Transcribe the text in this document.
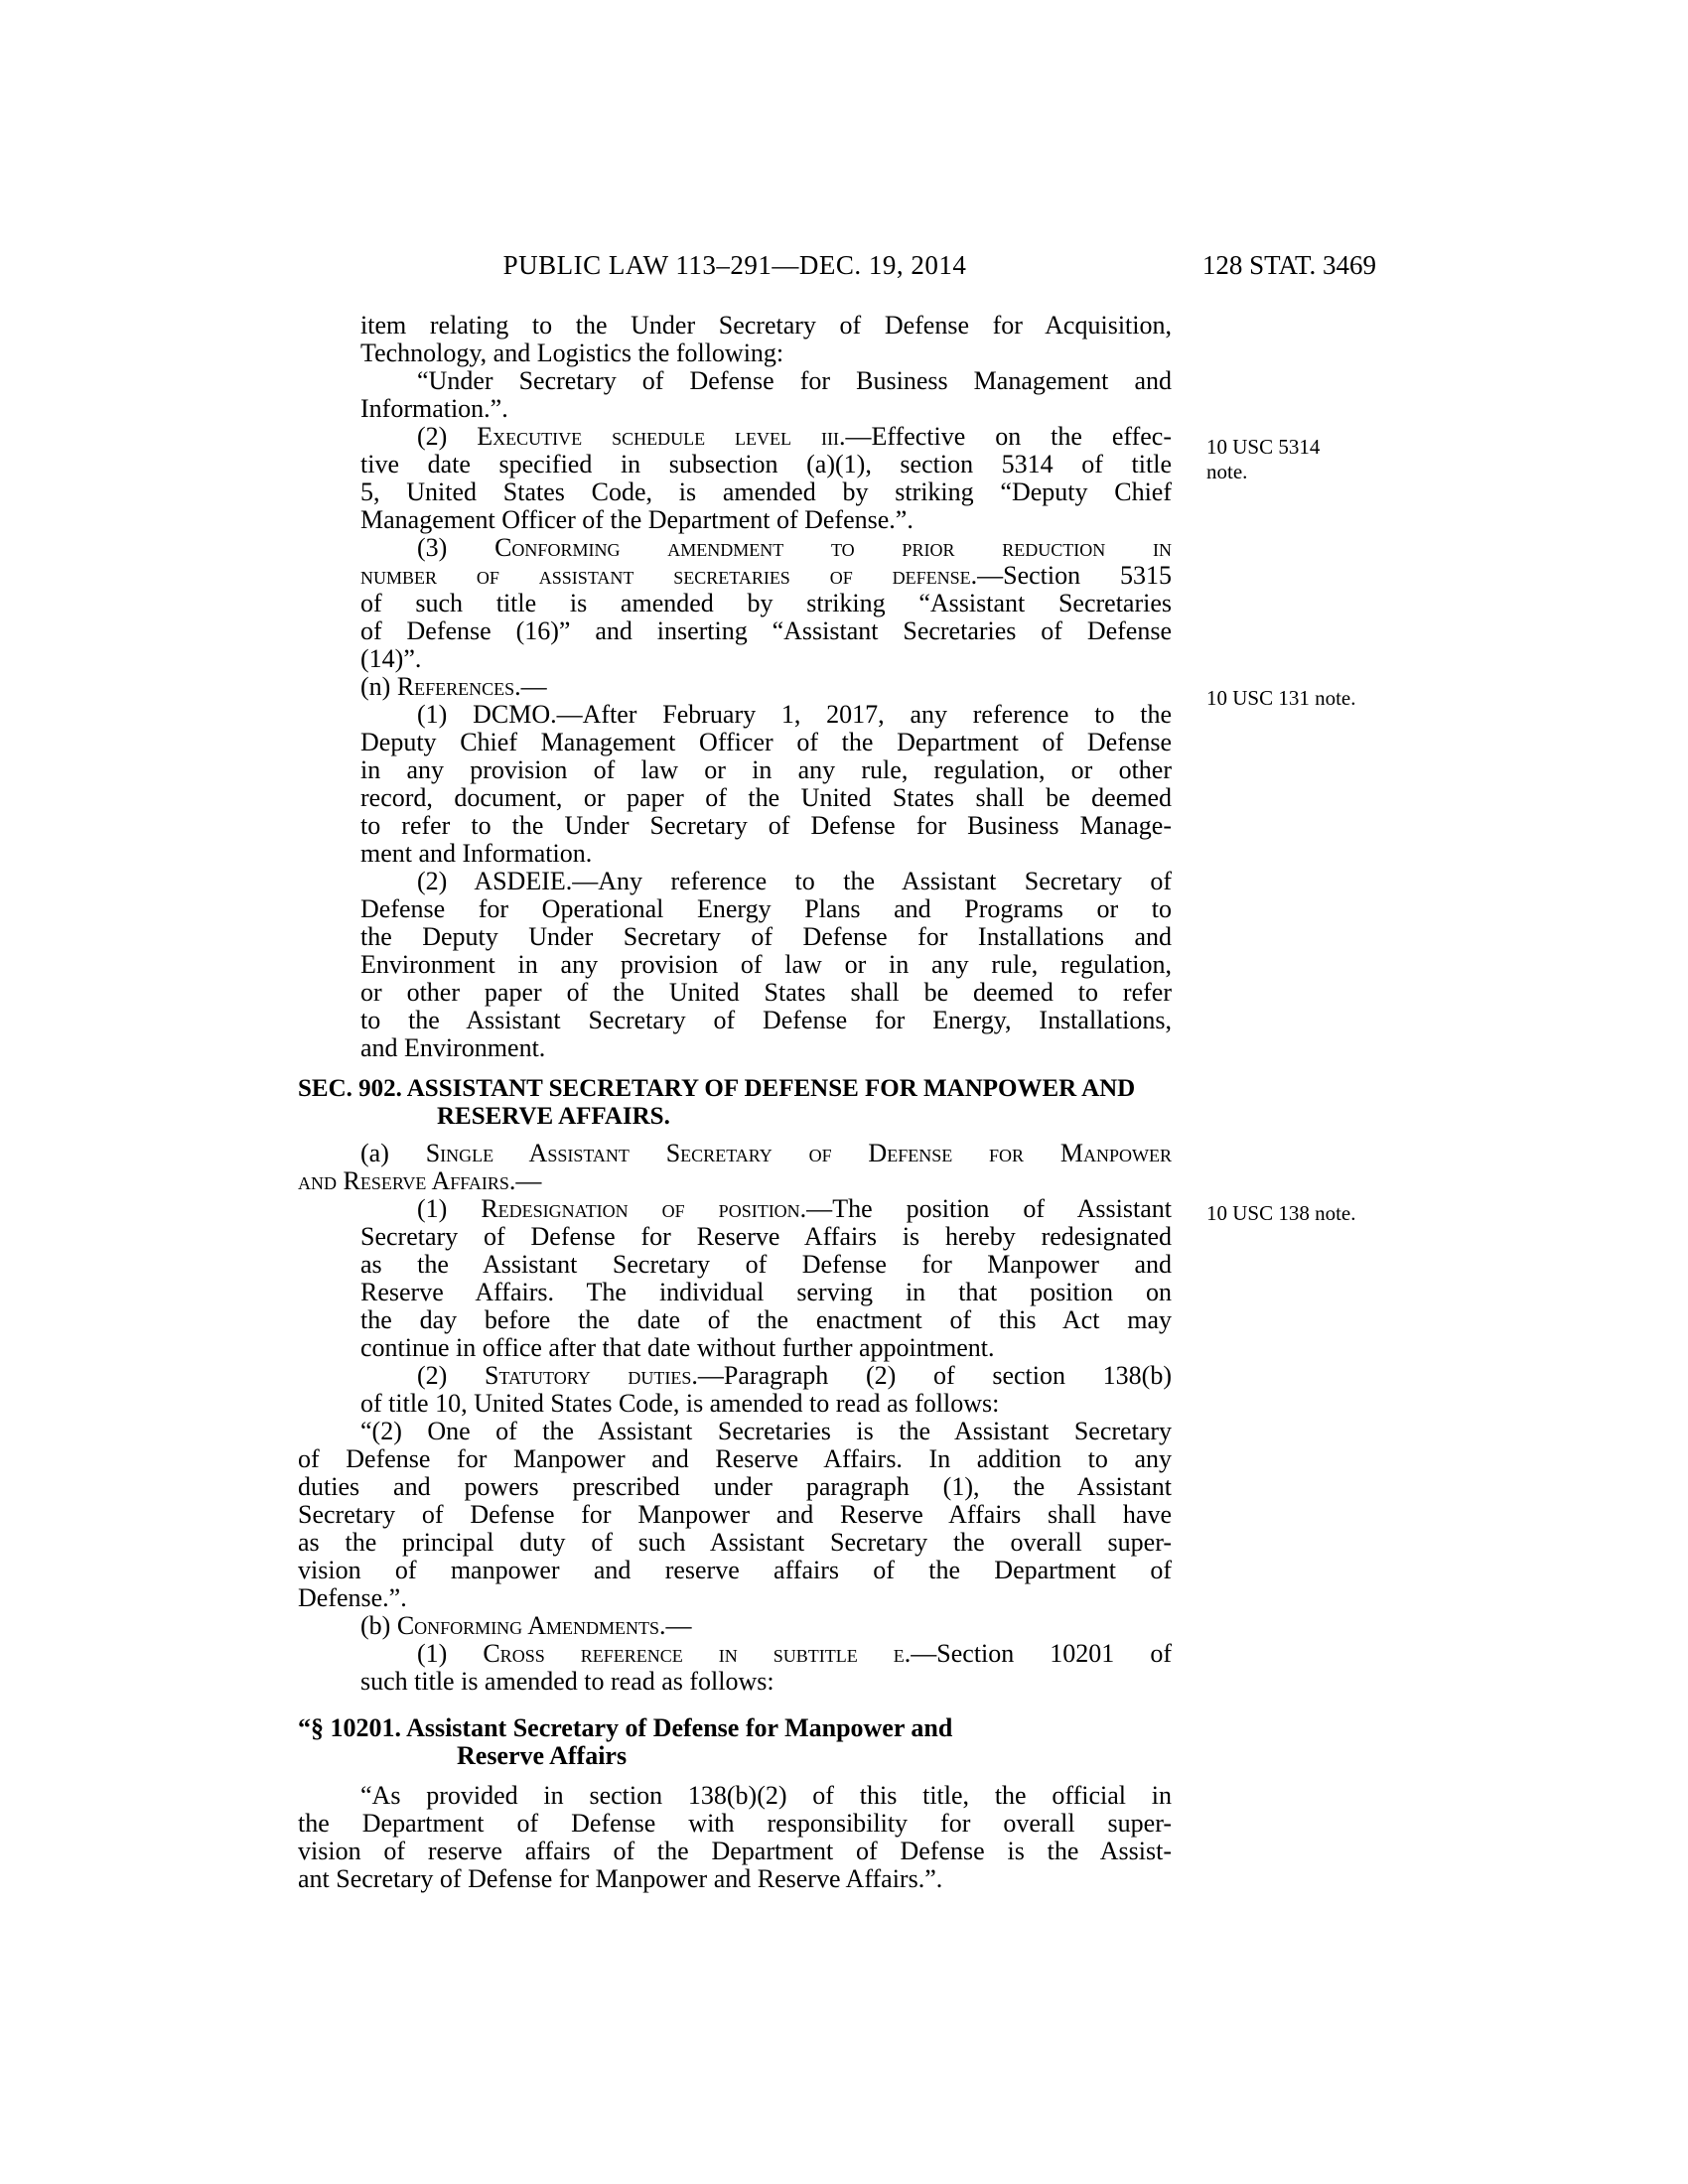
PUBLIC LAW 113–291—DEC. 19, 2014	128 STAT. 3469
item relating to the Under Secretary of Defense for Acquisition,
Technology, and Logistics the following:
“Under Secretary of Defense for Business Management and
Information.”.
(2) Executive schedule level iii.—Effective on the effec-
tive date specified in subsection (a)(1), section 5314 of title
5, United States Code, is amended by striking “Deputy Chief
Management Officer of the Department of Defense.”.
(3) Conforming amendment to prior reduction in
number of assistant secretaries of defense.—Section 5315
of such title is amended by striking “Assistant Secretaries
of Defense (16)” and inserting “Assistant Secretaries of Defense
(14)”.
(n) References.—
(1) DCMO.—After February 1, 2017, any reference to the
Deputy Chief Management Officer of the Department of Defense
in any provision of law or in any rule, regulation, or other
record, document, or paper of the United States shall be deemed
to refer to the Under Secretary of Defense for Business Manage-
ment and Information.
(2) ASDEIE.—Any reference to the Assistant Secretary of
Defense for Operational Energy Plans and Programs or to
the Deputy Under Secretary of Defense for Installations and
Environment in any provision of law or in any rule, regulation,
or other paper of the United States shall be deemed to refer
to the Assistant Secretary of Defense for Energy, Installations,
and Environment.
SEC. 902. ASSISTANT SECRETARY OF DEFENSE FOR MANPOWER AND
RESERVE AFFAIRS.
(a) Single Assistant Secretary of Defense for Manpower
and Reserve Affairs.—
(1) Redesignation of position.—The position of Assistant
Secretary of Defense for Reserve Affairs is hereby redesignated
as the Assistant Secretary of Defense for Manpower and
Reserve Affairs. The individual serving in that position on
the day before the date of the enactment of this Act may
continue in office after that date without further appointment.
(2) Statutory duties.—Paragraph (2) of section 138(b)
of title 10, United States Code, is amended to read as follows:
“(2) One of the Assistant Secretaries is the Assistant Secretary
of Defense for Manpower and Reserve Affairs. In addition to any
duties and powers prescribed under paragraph (1), the Assistant
Secretary of Defense for Manpower and Reserve Affairs shall have
as the principal duty of such Assistant Secretary the overall super-
vision of manpower and reserve affairs of the Department of
Defense.”.
(b) Conforming Amendments.—
(1) Cross reference in subtitle e.—Section 10201 of
such title is amended to read as follows:
“§ 10201. Assistant Secretary of Defense for Manpower and
Reserve Affairs
“As provided in section 138(b)(2) of this title, the official in
the Department of Defense with responsibility for overall super-
vision of reserve affairs of the Department of Defense is the Assist-
ant Secretary of Defense for Manpower and Reserve Affairs.”.
10 USC 5314
note.
10 USC 131 note.
10 USC 138 note.
